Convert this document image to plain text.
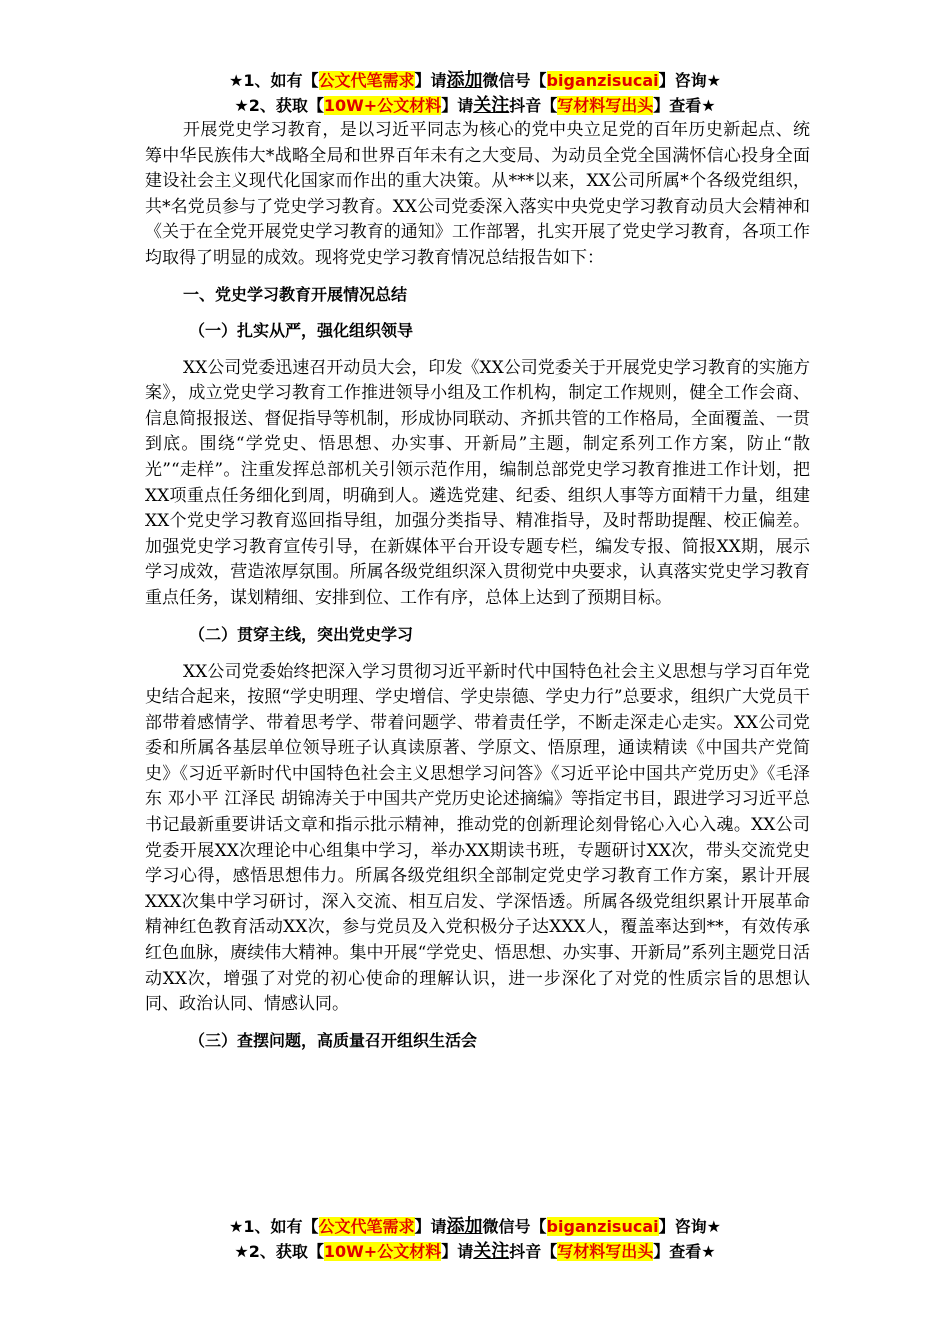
★1、如有【公文代笔需求】请添加微信号【biganzisucai】咨询★
★2、获取【10W+公文材料】请关注抖音【写材料写出头】查看★

开展党史学习教育，是以习近平同志为核心的党中央立足党的百年历史新起点、统筹中华民族伟大*战略全局和世界百年未有之大变局、为动员全党全国满怀信心投身全面建设社会主义现代化国家而作出的重大决策。从***以来，XX公司所属*个各级党组织，共*名党员参与了党史学习教育。XX公司党委深入落实中央党史学习教育动员大会精神和《关于在全党开展党史学习教育的通知》工作部署，扎实开展了党史学习教育，各项工作均取得了明显的成效。现将党史学习教育情况总结报告如下：

一、党史学习教育开展情况总结
（一）扎实从严，强化组织领导

XX公司党委迅速召开动员大会，印发《XX公司党委关于开展党史学习教育的实施方案》，成立党史学习教育工作推进领导小组及工作机构，制定工作规则，健全工作会商、信息简报报送、督促指导等机制，形成协同联动、齐抓共管的工作格局，全面覆盖、一贯到底。围绕“学党史、悟思想、办实事、开新局”主题，制定系列工作方案，防止“散光”“走样”。注重发挥总部机关引领示范作用，编制总部党史学习教育推进工作计划，把XX项重点任务细化到周，明确到人。遴选党建、纪委、组织人事等方面精干力量，组建XX个党史学习教育巡回指导组，加强分类指导、精准指导，及时帮助提醒、校正偏差。加强党史学习教育宣传引导，在新媒体平台开设专题专栏，编发专报、简报XX期，展示学习成效，营造浓厚氛围。所属各级党组织深入贯彻党中央要求，认真落实党史学习教育重点任务，谋划精细、安排到位、工作有序，总体上达到了预期目标。

（二）贯穿主线，突出党史学习

XX公司党委始终把深入学习贯彻习近平新时代中国特色社会主义思想与学习百年党史结合起来，按照“学史明理、学史增信、学史崇德、学史力行”总要求，组织广大党员干部带着感情学、带着思考学、带着问题学、带着责任学，不断走深走心走实。XX公司党委和所属各基层单位领导班子认真读原著、学原文、悟原理，通读精读《中国共产党简史》《习近平新时代中国特色社会主义思想学习问答》《习近平论中国共产党历史》《毛泽东 邓小平 江泽民 胡锦涛关于中国共产党历史论述摘编》等指定书目，跟进学习习近平总书记最新重要讲话文章和指示批示精神，推动党的创新理论刻骨铭心入心入魂。XX公司党委开展XX次理论中心组集中学习，举办XX期读书班，专题研讨XX次，带头交流党史学习心得，感悟思想伟力。所属各级党组织全部制定党史学习教育工作方案，累计开展XXX次集中学习研讨，深入交流、相互启发、学深悟透。所属各级党组织累计开展革命精神红色教育活动XX次，参与党员及入党积极分子达XXX人，覆盖率达到**，有效传承红色血脉，赓续伟大精神。集中开展“学党史、悟思想、办实事、开新局”系列主题党日活动XX次，增强了对党的初心使命的理解认识，进一步深化了对党的性质宗旨的思想认同、政治认同、情感认同。

（三）查摆问题，高质量召开组织生活会
★1、如有【公文代笔需求】请添加微信号【biganzisucai】咨询★
★2、获取【10W+公文材料】请关注抖音【写材料写出头】查看★
